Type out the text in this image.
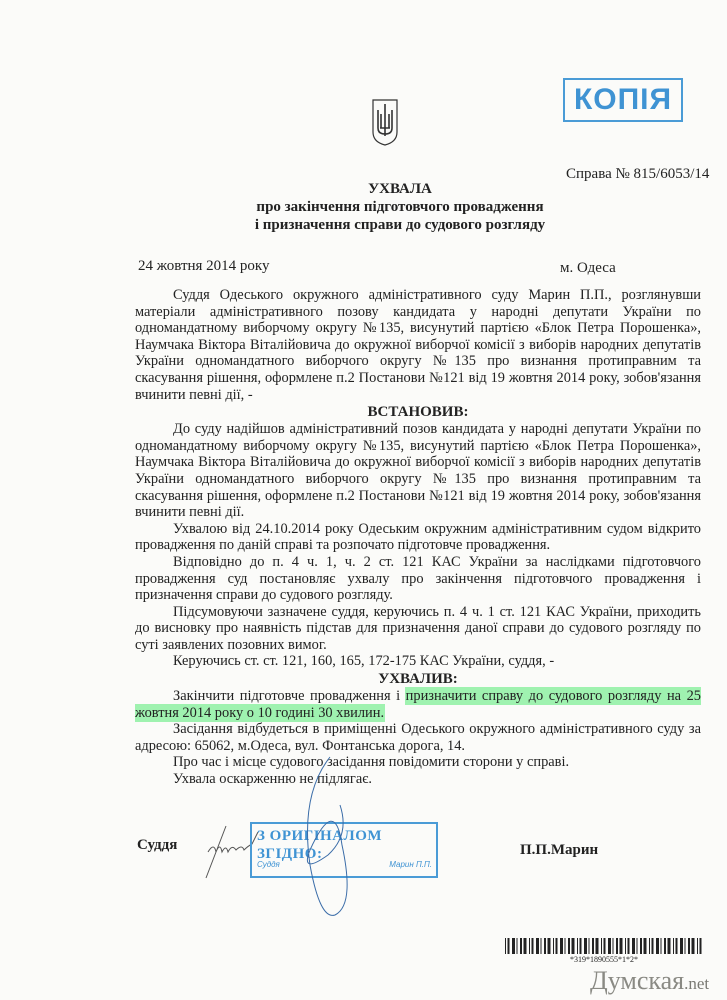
КОПІЯ
Справа № 815/6053/14
УХВАЛА
про закінчення підготовчого провадження
і призначення справи до судового розгляду
24 жовтня 2014 року	м. Одеса

Суддя Одеського окружного адміністративного суду Марин П.П., розглянувши матеріали адміністративного позову кандидата у народні депутати України по одномандатному виборчому округу №135, висунутий партією «Блок Петра Порошенка», Наумчака Віктора Віталійовича до окружної виборчої комісії з виборів народних депутатів України одномандатного виборчого округу №135 про визнання протиправним та скасування рішення, оформлене п.2 Постанови №121 від 19 жовтня 2014 року, зобов'язання вчинити певні дії, -

ВСТАНОВИВ:

До суду надійшов адміністративний позов кандидата у народні депутати України по одномандатному виборчому округу №135, висунутий партією «Блок Петра Порошенка», Наумчака Віктора Віталійовича до окружної виборчої комісії з виборів народних депутатів України одномандатного виборчого округу №135 про визнання протиправним та скасування рішення, оформлене п.2 Постанови №121 від 19 жовтня 2014 року, зобов'язання вчинити певні дії.

Ухвалою від 24.10.2014 року Одеським окружним адміністративним судом відкрито провадження по даній справі та розпочато підготовче провадження.

Відповідно до п. 4 ч. 1, ч. 2 ст. 121 КАС України за наслідками підготовчого провадження суд постановляє ухвалу про закінчення підготовчого провадження і призначення справи до судового розгляду.

Підсумовуючи зазначене суддя, керуючись п. 4 ч. 1 ст. 121 КАС України, приходить до висновку про наявність підстав для призначення даної справи до судового розгляду по суті заявлених позовних вимог.

Керуючись ст. ст. 121, 160, 165, 172-175 КАС України, суддя, -

УХВАЛИВ:

Закінчити підготовче провадження і призначити справу до судового розгляду на 25 жовтня 2014 року о 10 годині 30 хвилин.

Засідання відбудеться в приміщенні Одеського окружного адміністративного суду за адресою: 65062, м.Одеса, вул. Фонтанська дорога, 14.

Про час і місце судового засідання повідомити сторони у справі.

Ухвала оскарженню не підлягає.

Суддя
З ОРИГІНАЛОМ ЗГІДНО:
Суддя	Марин П.П.
П.П.Марин
*319*1890555*1*2*
Думская.net
